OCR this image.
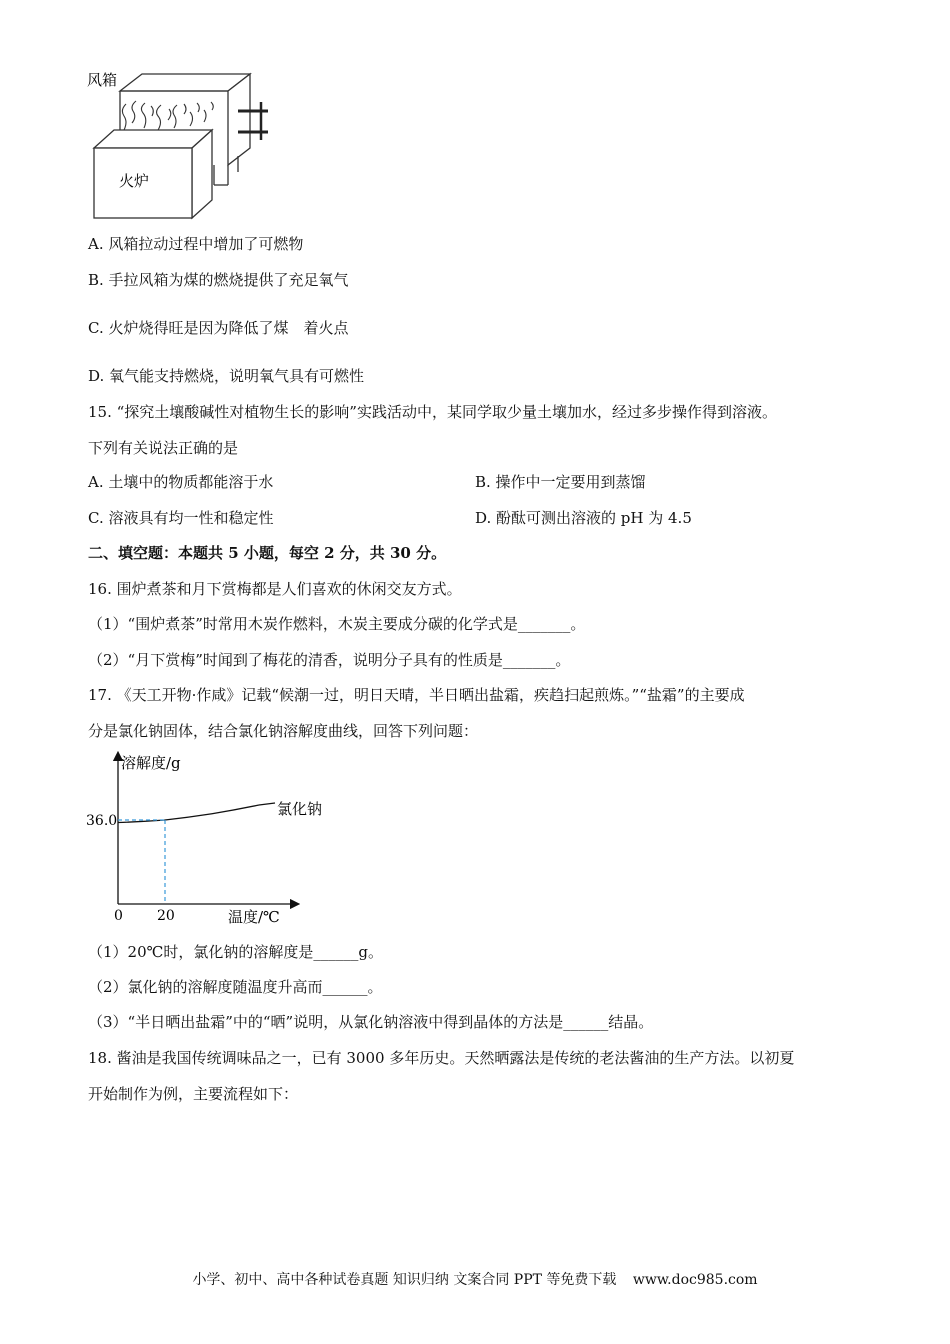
风箱
火炉
A. 风箱拉动过程中增加了可燃物
B. 手拉风箱为煤的燃烧提供了充足氧气
C. 火炉烧得旺是因为降低了煤　着火点
D. 氧气能支持燃烧，说明氧气具有可燃性
15. “探究土壤酸碱性对植物生长的影响”实践活动中，某同学取少量土壤加水，经过多步操作得到溶液。
下列有关说法正确的是
A. 土壤中的物质都能溶于水	B. 操作中一定要用到蒸馏
C. 溶液具有均一性和稳定性	D. 酚酞可测出溶液的 pH 为 4.5
二、填空题：本题共 5 小题，每空 2 分，共 30 分。
16. 围炉煮茶和月下赏梅都是人们喜欢的休闲交友方式。
（1）“围炉煮茶”时常用木炭作燃料，木炭主要成分碳的化学式是_______。
（2）“月下赏梅”时闻到了梅花的清香，说明分子具有的性质是_______。
17. 《天工开物·作咸》记载“候潮一过，明日天晴，半日晒出盐霜，疾趋扫起煎炼。”“盐霜”的主要成
分是氯化钠固体，结合氯化钠溶解度曲线，回答下列问题：
溶解度/g
温度/℃
0 20
36.0
氯化钠
（1）20℃时，氯化钠的溶解度是______g。
（2）氯化钠的溶解度随温度升高而______。
（3）“半日晒出盐霜”中的“晒”说明，从氯化钠溶液中得到晶体的方法是______结晶。
18. 酱油是我国传统调味品之一，已有 3000 多年历史。天然晒露法是传统的老法酱油的生产方法。以初夏
开始制作为例，主要流程如下：
小学、初中、高中各种试卷真题 知识归纳 文案合同 PPT 等免费下载 www.doc985.com
